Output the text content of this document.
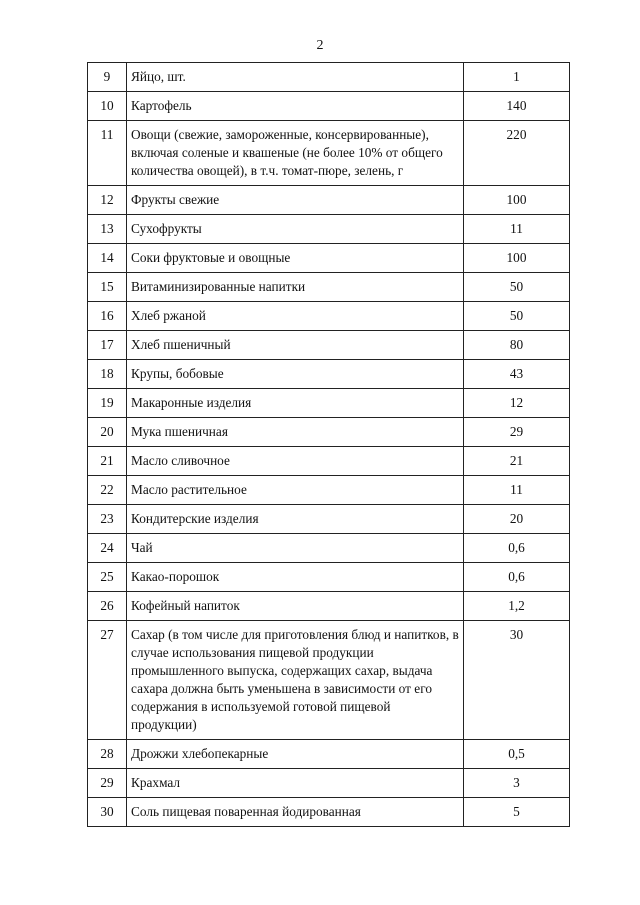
2
9	Яйцо, шт.	1
10	Картофель	140
11	Овощи (свежие, замороженные, консервированные), включая соленые и квашеные (не более 10% от общего количества овощей), в т.ч. томат-пюре, зелень, г	220
12	Фрукты свежие	100
13	Сухофрукты	11
14	Соки фруктовые и овощные	100
15	Витаминизированные напитки	50
16	Хлеб ржаной	50
17	Хлеб пшеничный	80
18	Крупы, бобовые	43
19	Макаронные изделия	12
20	Мука пшеничная	29
21	Масло сливочное	21
22	Масло растительное	11
23	Кондитерские изделия	20
24	Чай	0,6
25	Какао-порошок	0,6
26	Кофейный напиток	1,2
27	Сахар (в том числе для приготовления блюд и напитков, в случае использования пищевой продукции промышленного выпуска, содержащих сахар, выдача сахара должна быть уменьшена в зависимости от его содержания в используемой готовой пищевой продукции)	30
28	Дрожжи хлебопекарные	0,5
29	Крахмал	3
30	Соль пищевая поваренная йодированная	5
